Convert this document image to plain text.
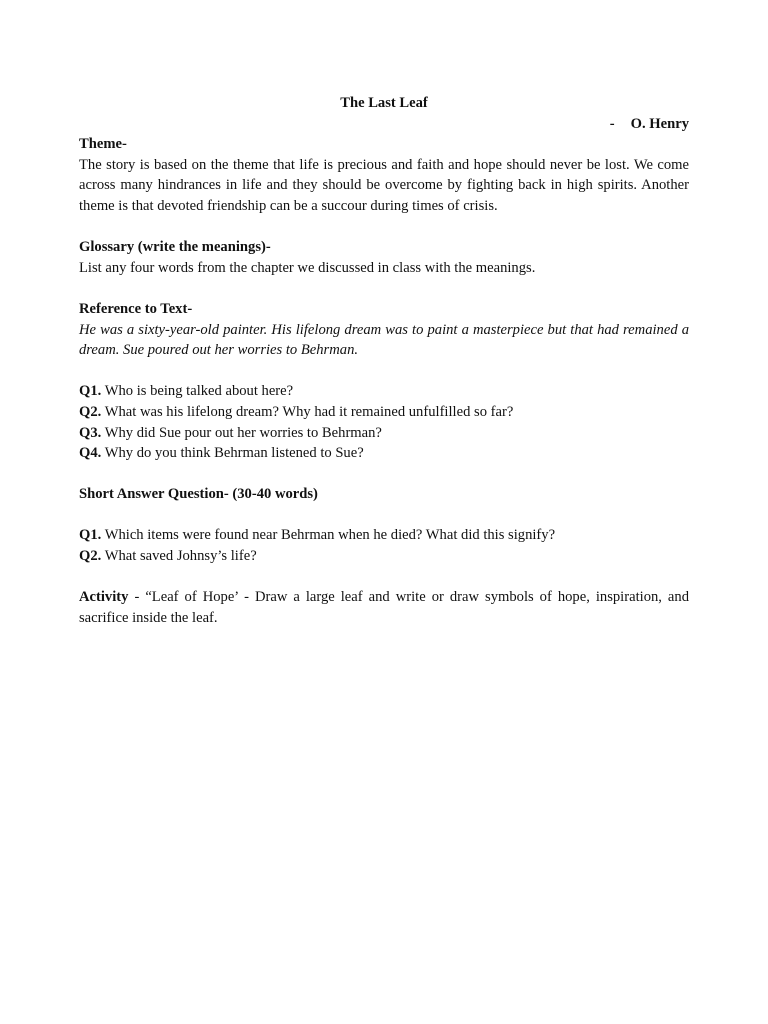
The Last Leaf

- O. Henry

Theme-

The story is based on the theme that life is precious and faith and hope should never be lost. We come across many hindrances in life and they should be overcome by fighting back in high spirits. Another theme is that devoted friendship can be a succour during times of crisis.

Glossary (write the meanings)-

List any four words from the chapter we discussed in class with the meanings.

Reference to Text-

He was a sixty-year-old painter. His lifelong dream was to paint a masterpiece but that had remained a dream. Sue poured out her worries to Behrman.

Q1. Who is being talked about here?

Q2. What was his lifelong dream? Why had it remained unfulfilled so far?

Q3. Why did Sue pour out her worries to Behrman?

Q4. Why do you think Behrman listened to Sue?

Short Answer Question- (30-40 words)

Q1. Which items were found near Behrman when he died? What did this signify?

Q2. What saved Johnsy’s life?

Activity - “Leaf of Hope’ - Draw a large leaf and write or draw symbols of hope, inspiration, and sacrifice inside the leaf.
